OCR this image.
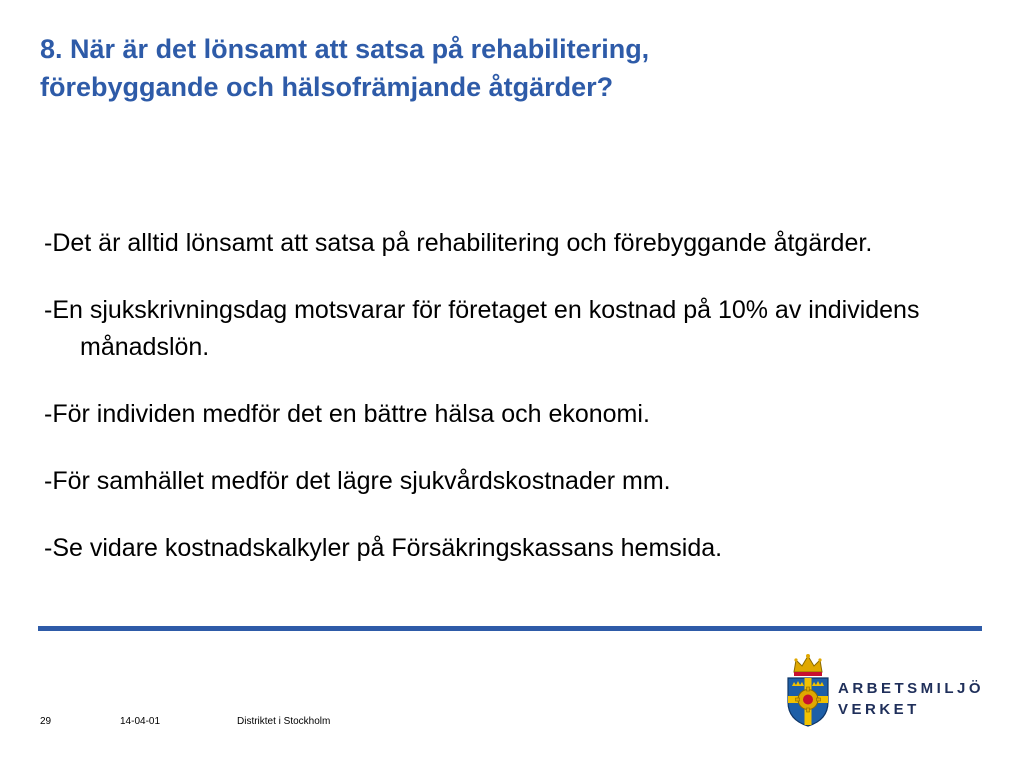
8. När är det lönsamt att satsa på rehabilitering,
förebyggande och hälsofrämjande åtgärder?
-Det är alltid lönsamt att satsa på rehabilitering och förebyggande åtgärder.
-En sjukskrivningsdag motsvarar för företaget en kostnad på 10% av individens månadslön.
-För individen medför det en bättre hälsa och ekonomi.
-För samhället medför det lägre sjukvårdskostnader mm.
-Se vidare kostnadskalkyler på Försäkringskassans hemsida.
29	14-04-01	Distriktet i Stockholm
ARBETSMILJÖ
VERKET
